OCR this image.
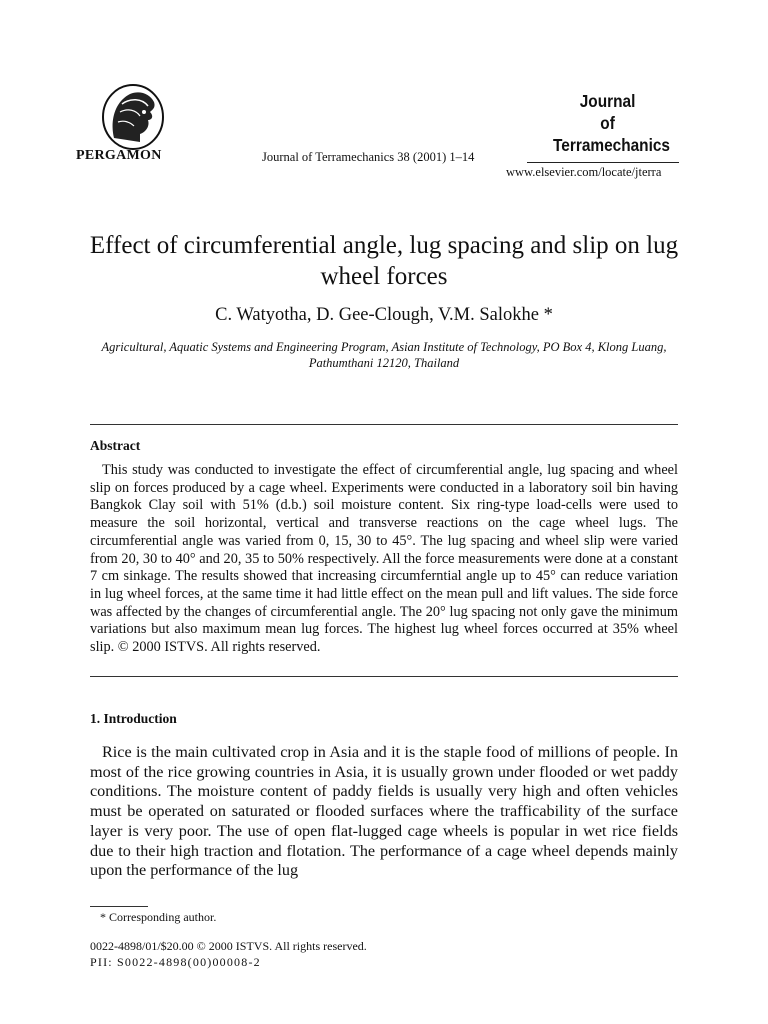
PERGAMON	Journal of Terramechanics 38 (2001) 1–14
Journal
of
Terramechanics
www.elsevier.com/locate/jterra
Effect of circumferential angle, lug spacing and slip on lug wheel forces
C. Watyotha, D. Gee-Clough, V.M. Salokhe *
Agricultural, Aquatic Systems and Engineering Program, Asian Institute of Technology, PO Box 4, Klong Luang, Pathumthani 12120, Thailand
Abstract
This study was conducted to investigate the effect of circumferential angle, lug spacing and wheel slip on forces produced by a cage wheel. Experiments were conducted in a laboratory soil bin having Bangkok Clay soil with 51% (d.b.) soil moisture content. Six ring-type load-cells were used to measure the soil horizontal, vertical and transverse reactions on the cage wheel lugs. The circumferential angle was varied from 0, 15, 30 to 45°. The lug spacing and wheel slip were varied from 20, 30 to 40° and 20, 35 to 50% respectively. All the force measurements were done at a constant 7 cm sinkage. The results showed that increasing circumferntial angle up to 45° can reduce variation in lug wheel forces, at the same time it had little effect on the mean pull and lift values. The side force was affected by the changes of circumferential angle. The 20° lug spacing not only gave the minimum variations but also maximum mean lug forces. The highest lug wheel forces occurred at 35% wheel slip. © 2000 ISTVS. All rights reserved.
1. Introduction
Rice is the main cultivated crop in Asia and it is the staple food of millions of people. In most of the rice growing countries in Asia, it is usually grown under flooded or wet paddy conditions. The moisture content of paddy fields is usually very high and often vehicles must be operated on saturated or flooded surfaces where the trafficability of the surface layer is very poor. The use of open flat-lugged cage wheels is popular in wet rice fields due to their high traction and flotation. The performance of a cage wheel depends mainly upon the performance of the lug
* Corresponding author.
0022-4898/01/$20.00 © 2000 ISTVS. All rights reserved.
PII: S0022-4898(00)00008-2
